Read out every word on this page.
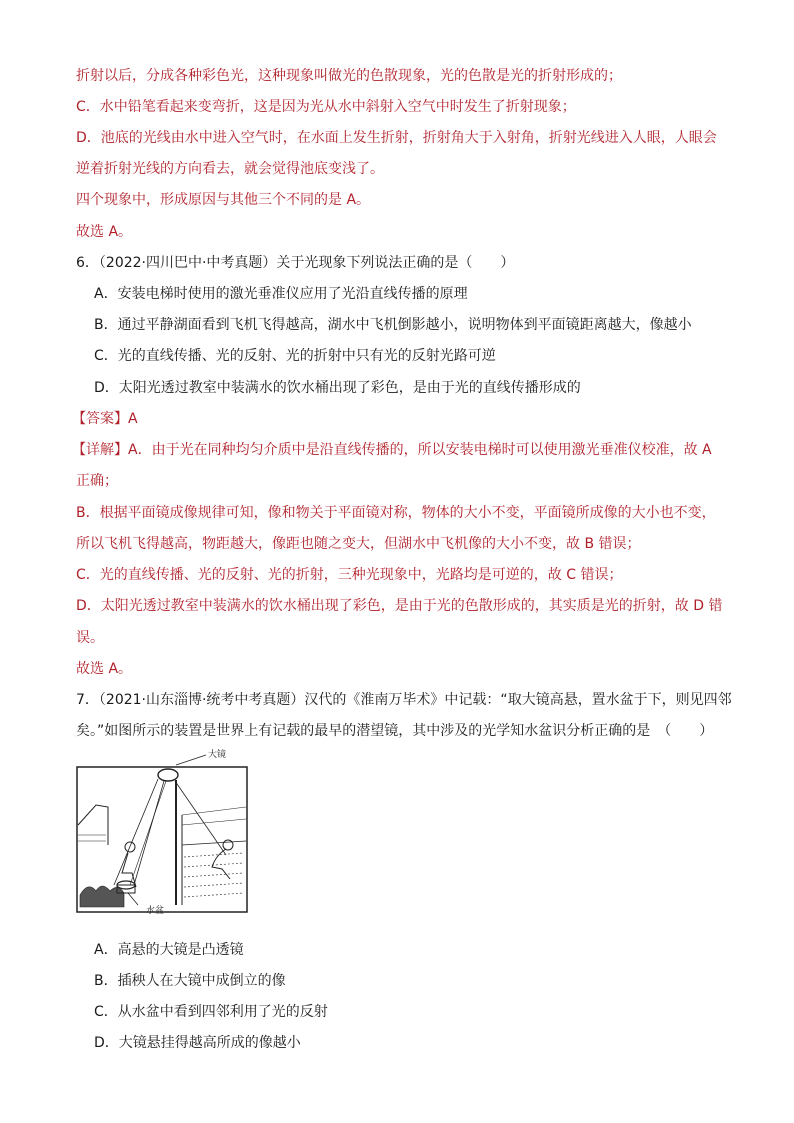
折射以后，分成各种彩色光，这种现象叫做光的色散现象，光的色散是光的折射形成的；
C．水中铅笔看起来变弯折，这是因为光从水中斜射入空气中时发生了折射现象；
D．池底的光线由水中进入空气时，在水面上发生折射，折射角大于入射角，折射光线进入人眼，人眼会
逆着折射光线的方向看去，就会觉得池底变浅了。
四个现象中，形成原因与其他三个不同的是 A。
故选 A。
6．（2022·四川巴中·中考真题）关于光现象下列说法正确的是（　　）
A．安装电梯时使用的激光垂准仪应用了光沿直线传播的原理
B．通过平静湖面看到飞机飞得越高，湖水中飞机倒影越小，说明物体到平面镜距离越大，像越小
C．光的直线传播、光的反射、光的折射中只有光的反射光路可逆
D．太阳光透过教室中装满水的饮水桶出现了彩色，是由于光的直线传播形成的
【答案】A
【详解】A．由于光在同种均匀介质中是沿直线传播的，所以安装电梯时可以使用激光垂准仪校准，故 A
正确；
B．根据平面镜成像规律可知，像和物关于平面镜对称，物体的大小不变，平面镜所成像的大小也不变，
所以飞机飞得越高，物距越大，像距也随之变大，但湖水中飞机像的大小不变，故 B 错误；
C．光的直线传播、光的反射、光的折射，三种光现象中，光路均是可逆的，故 C 错误；
D．太阳光透过教室中装满水的饮水桶出现了彩色，是由于光的色散形成的，其实质是光的折射，故 D 错
误。
故选 A。
7．（2021·山东淄博·统考中考真题）汉代的《淮南万毕术》中记载：“取大镜高悬，置水盆于下，则见四邻
矣。”如图所示的装置是世界上有记载的最早的潜望镜，其中涉及的光学知水盆识分析正确的是　（　　）
大镜
水盆
A．高悬的大镜是凸透镜
B．插秧人在大镜中成倒立的像
C．从水盆中看到四邻利用了光的反射
D．大镜悬挂得越高所成的像越小
